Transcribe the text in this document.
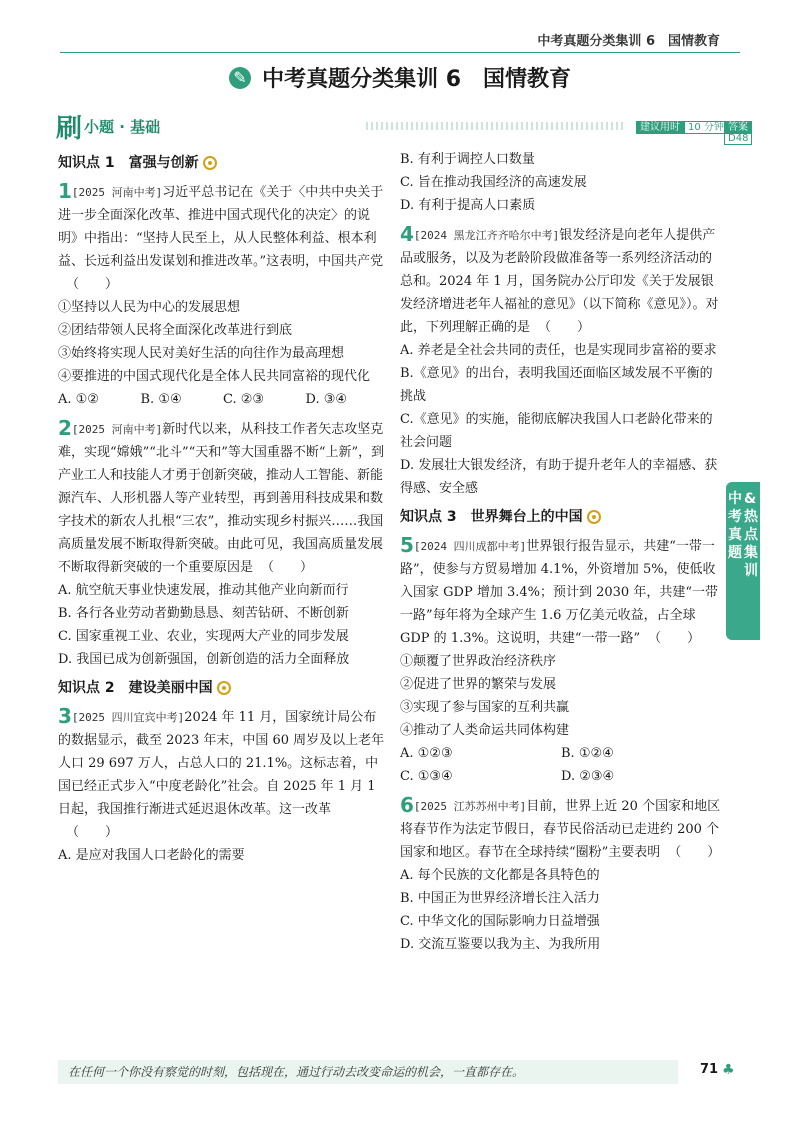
中考真题分类集训 6　国情教育
✎ 中考真题分类集训 6　国情教育
刷 小题 · 基础	建议用时 10 分钟 答案D48
知识点 1　富强与创新
1[2025 河南中考]习近平总书记在《关于〈中共中央关于进一步全面深化改革、推进中国式现代化的决定〉的说明》中指出：“坚持人民至上，从人民整体利益、根本利益、长远利益出发谋划和推进改革。”这表明，中国共产党（　　）
①坚持以人民为中心的发展思想
②团结带领人民将全面深化改革进行到底
③始终将实现人民对美好生活的向往作为最高理想
④要推进的中国式现代化是全体人民共同富裕的现代化
A. ①②	B. ①④	C. ②③	D. ③④
2[2025 河南中考]新时代以来，从科技工作者矢志攻坚克难，实现“嫦娥”“北斗”“天和”等大国重器不断“上新”，到产业工人和技能人才勇于创新突破，推动人工智能、新能源汽车、人形机器人等产业转型，再到善用科技成果和数字技术的新农人扎根“三农”，推动实现乡村振兴……我国高质量发展不断取得新突破。由此可见，我国高质量发展不断取得新突破的一个重要原因是 （　　）
A. 航空航天事业快速发展，推动其他产业向新而行
B. 各行各业劳动者勤勤恳恳、刻苦钻研、不断创新
C. 国家重视工业、农业，实现两大产业的同步发展
D. 我国已成为创新强国，创新创造的活力全面释放
知识点 2　建设美丽中国
3[2025 四川宜宾中考]2024 年 11 月，国家统计局公布的数据显示，截至 2023 年末，中国 60 周岁及以上老年人口 29 697 万人，占总人口的 21.1%。这标志着，中国已经正式步入“中度老龄化”社会。自 2025 年 1 月 1 日起，我国推行渐进式延迟退休改革。这一改革（　　）
A. 是应对我国人口老龄化的需要
B. 有利于调控人口数量
C. 旨在推动我国经济的高速发展
D. 有利于提高人口素质
4[2024 黑龙江齐齐哈尔中考]银发经济是向老年人提供产品或服务，以及为老龄阶段做准备等一系列经济活动的总和。2024 年 1 月，国务院办公厅印发《关于发展银发经济增进老年人福祉的意见》（以下简称《意见》）。对此，下列理解正确的是 （　　）
A. 养老是全社会共同的责任，也是实现同步富裕的要求
B.《意见》的出台，表明我国还面临区域发展不平衡的挑战
C.《意见》的实施，能彻底解决我国人口老龄化带来的社会问题
D. 发展壮大银发经济，有助于提升老年人的幸福感、获得感、安全感
知识点 3　世界舞台上的中国
5[2024 四川成都中考]世界银行报告显示，共建“一带一路”，使参与方贸易增加 4.1%，外资增加 5%，使低收入国家 GDP 增加 3.4%；预计到 2030 年，共建“一带一路”每年将为全球产生 1.6 万亿美元收益，占全球 GDP 的 1.3%。这说明，共建“一带一路” （　　）
①颠覆了世界政治经济秩序
②促进了世界的繁荣与发展
③实现了参与国家的互利共赢
④推动了人类命运共同体构建
A. ①②③	B. ①②④
C. ①③④	D. ②③④
6[2025 江苏苏州中考]目前，世界上近 20 个国家和地区将春节作为法定节假日，春节民俗活动已走进约 200 个国家和地区。春节在全球持续“圈粉”主要表明 （　　）
A. 每个民族的文化都是各具特色的
B. 中国正为世界经济增长注入活力
C. 中华文化的国际影响力日益增强
D. 交流互鉴要以我为主、为我所用
中
考
真
题
&
热
点
集
训
在任何一个你没有察觉的时刻，包括现在，通过行动去改变命运的机会，一直都存在。	71 ♣
